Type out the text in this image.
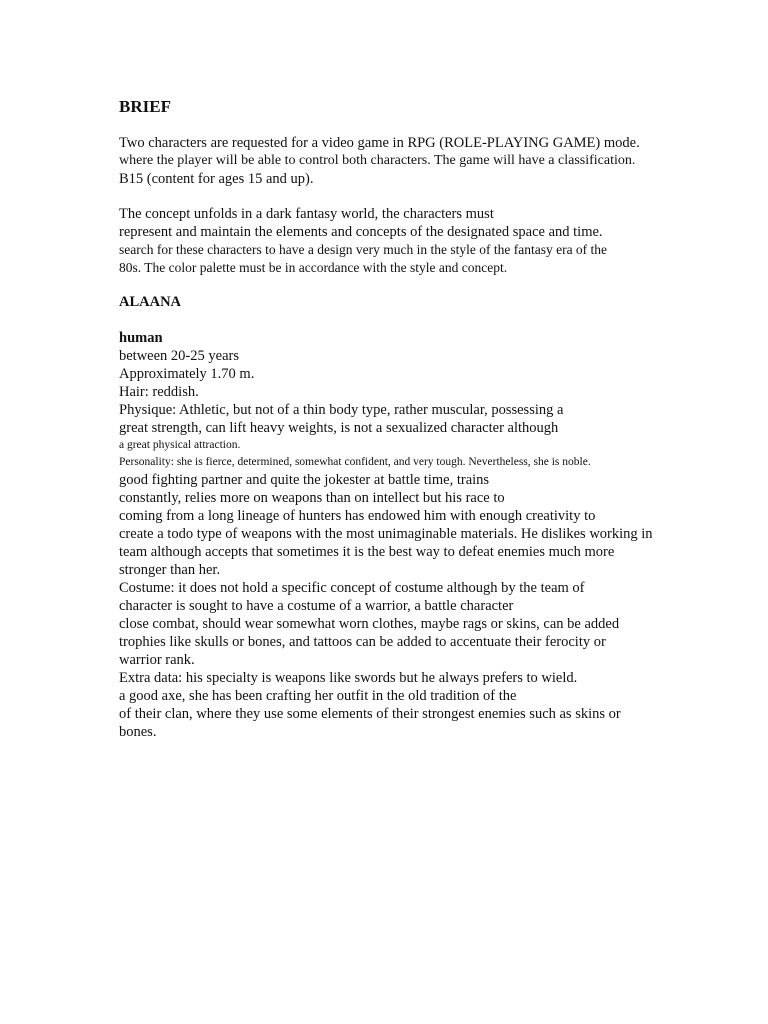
BRIEF
Two characters are requested for a video game in RPG (ROLE-PLAYING GAME) mode.
where the player will be able to control both characters. The game will have a classification.
B15 (content for ages 15 and up).
The concept unfolds in a dark fantasy world, the characters must
represent and maintain the elements and concepts of the designated space and time.
search for these characters to have a design very much in the style of the fantasy era of the
80s. The color palette must be in accordance with the style and concept.
ALAANA
human
between 20-25 years
Approximately 1.70 m.
Hair: reddish.
Physique: Athletic, but not of a thin body type, rather muscular, possessing a
great strength, can lift heavy weights, is not a sexualized character although
a great physical attraction.
Personality: she is fierce, determined, somewhat confident, and very tough. Nevertheless, she is noble.
good fighting partner and quite the jokester at battle time, trains
constantly, relies more on weapons than on intellect but his race to
coming from a long lineage of hunters has endowed him with enough creativity to
create a todo type of weapons with the most unimaginable materials. He dislikes working in
team although accepts that sometimes it is the best way to defeat enemies much more
stronger than her.
Costume: it does not hold a specific concept of costume although by the team of
character is sought to have a costume of a warrior, a battle character
close combat, should wear somewhat worn clothes, maybe rags or skins, can be added
trophies like skulls or bones, and tattoos can be added to accentuate their ferocity or
warrior rank.
Extra data: his specialty is weapons like swords but he always prefers to wield.
a good axe, she has been crafting her outfit in the old tradition of the
of their clan, where they use some elements of their strongest enemies such as skins or
bones.
